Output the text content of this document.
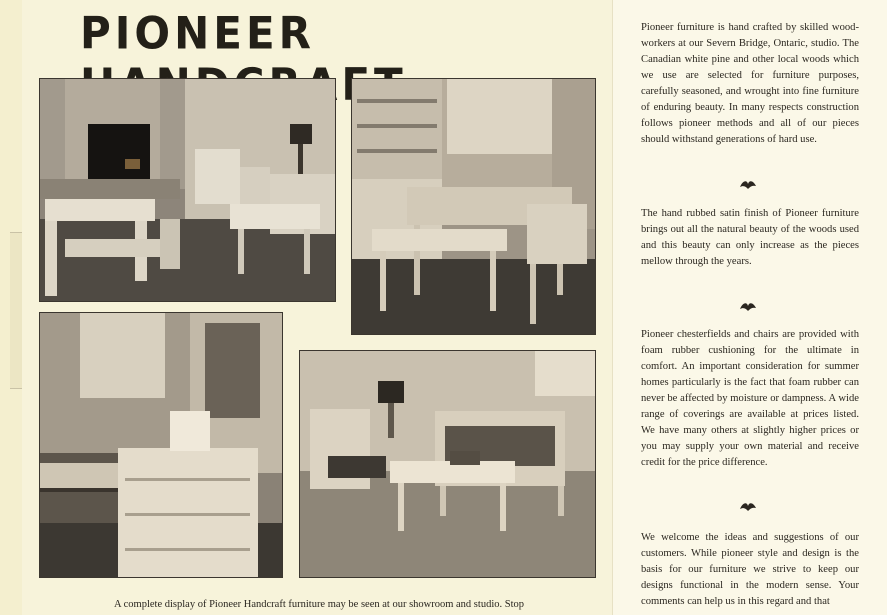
PIONEER
A complete display of Pioneer Handcraft furniture may be seen at our showroom and studio. Stop

Pioneer furniture is hand crafted by skilled wood-workers at our Severn Bridge, Ontaric, studio. The Canadian white pine and other local woods which we use are selected for furniture purposes, carefully seasoned, and wrought into fine furniture of enduring beauty. In many respects construction follows pioneer methods and all of our pieces should withstand generations of hard use.

The hand rubbed satin finish of Pioneer furniture brings out all the natural beauty of the woods used and this beauty can only increase as the pieces mellow through the years.

Pioneer chesterfields and chairs are provided with foam rubber cushioning for the ultimate in comfort. An important consideration for summer homes particularly is the fact that foam rubber can never be affected by moisture or dampness. A wide range of coverings are available at prices listed. We have many others at slightly higher prices or you may supply your own material and receive credit for the price difference.

We welcome the ideas and suggestions of our customers. While pioneer style and design is the basis for our furniture we strive to keep our designs functional in the modern sense. Your comments can help us in this regard and that
